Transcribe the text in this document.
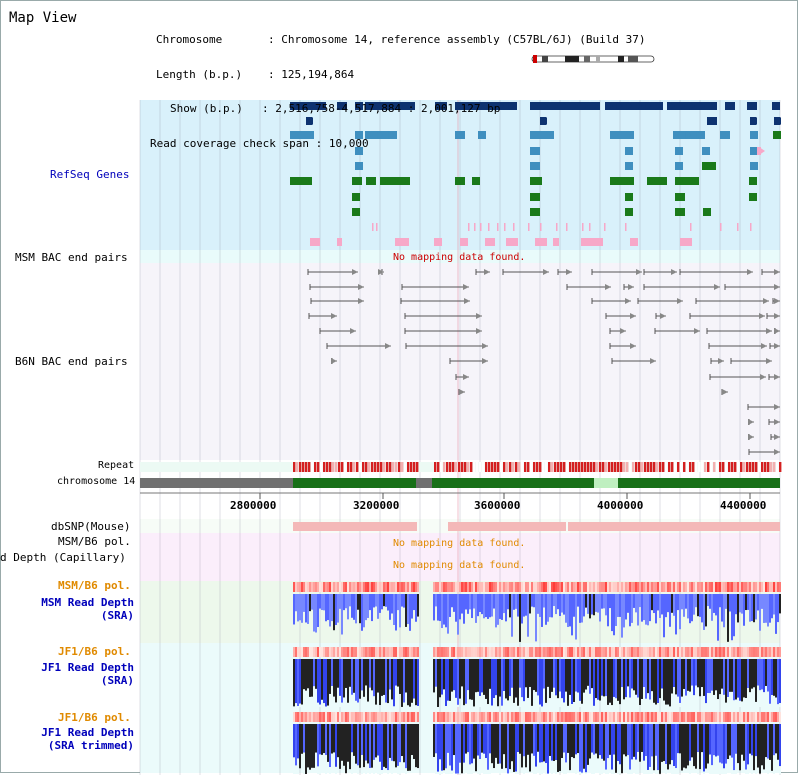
Map View

Chromosome	: Chromosome 14, reference assembly (C57BL/6J) (Build 37)

Length (b.p.) : 125,194,864

Show (b.p.) : 2,516,758-4,517,884 : 2,001,127 bp

Read coverage check span : 10,000

RefSeq Genes
MSM BAC end pairs	No mapping data found.
B6N BAC end pairs
Repeat
chromosome 14
dbSNP(Mouse)
MSM/B6 pol.	No mapping data found.
d Depth (Capillary)
No mapping data found.
MSM/B6 pol.
MSM Read Depth
(SRA)
JF1/B6 pol.
JF1 Read Depth
(SRA)
JF1/B6 pol.
JF1 Read Depth
(SRA trimmed)
2800000	3200000	3600000	4000000	4400000
